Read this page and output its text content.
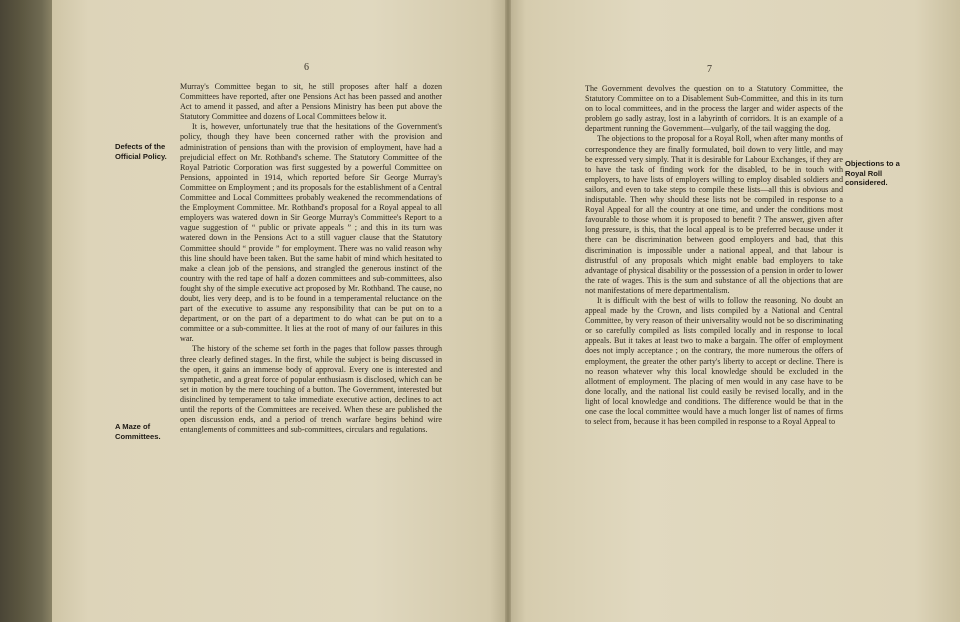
6	7
Defects of the Official Policy.
A Maze of Committees.
Objections to a Royal Roll considered.

Murray's Committee began to sit, he still proposes after half a dozen Committees have reported, after one Pensions Act has been passed and another Act to amend it passed, and after a Pensions Ministry has been put above the Statutory Committee and dozens of Local Committees below it.

It is, however, unfortunately true that the hesitations of the Government's policy, though they have been concerned rather with the provision and administration of pensions than with the provision of employment, have had a prejudicial effect on Mr. Rothband's scheme. The Statutory Committee of the Royal Patriotic Corporation was first suggested by a powerful Committee on Pensions, appointed in 1914, which reported before Sir George Murray's Committee on Employment ; and its proposals for the establishment of a Central Committee and Local Committees probably weakened the recommendations of the Employment Committee. Mr. Rothband's proposal for a Royal appeal to all employers was watered down in Sir George Murray's Committee's Report to a vague suggestion of “ public or private appeals ” ; and this in its turn was watered down in the Pensions Act to a still vaguer clause that the Statutory Committee should “ provide ” for employment. There was no valid reason why this line should have been taken. But the same habit of mind which hesitated to make a clean job of the pensions, and strangled the generous instinct of the country with the red tape of half a dozen committees and sub-committees, also fought shy of the simple executive act proposed by Mr. Rothband. The cause, no doubt, lies very deep, and is to be found in a temperamental reluctance on the part of the executive to assume any responsibility that can be put on to a department, or on the part of a department to do what can be put on to a committee or a sub-committee. It lies at the root of many of our failures in this war.

The history of the scheme set forth in the pages that follow passes through three clearly defined stages. In the first, while the subject is being discussed in the open, it gains an immense body of approval. Every one is interested and sympathetic, and a great force of popular enthusiasm is disclosed, which can be set in motion by the mere touching of a button. The Government, interested but disinclined by temperament to take immediate executive action, declines to act until the reports of the Committees are received. When these are published the open discussion ends, and a period of trench warfare begins behind wire entanglements of committees and sub-committees, circulars and regulations.

The Government devolves the question on to a Statutory Committee, the Statutory Committee on to a Disablement Sub-Committee, and this in its turn on to local committees, and in the process the larger and wider aspects of the problem go sadly astray, lost in a labyrinth of corridors. It is an example of a department running the Government—vulgarly, of the tail wagging the dog.

The objections to the proposal for a Royal Roll, when after many months of correspondence they are finally formulated, boil down to very little, and may be expressed very simply. That it is desirable for Labour Exchanges, if they are to have the task of finding work for the disabled, to be in touch with employers, to have lists of employers willing to employ disabled soldiers and sailors, and even to take steps to compile these lists—all this is obvious and indisputable. Then why should these lists not be compiled in response to a Royal Appeal for all the country at one time, and under the conditions most favourable to those whom it is proposed to benefit ? The answer, given after long pressure, is this, that the local appeal is to be preferred because under it there can be discrimination between good employers and bad, that this discrimination is impossible under a national appeal, and that labour is distrustful of any proposals which might enable bad employers to take advantage of physical disability or the possession of a pension in order to lower the rate of wages. This is the sum and substance of all the objections that are not manifestations of mere departmentalism.

It is difficult with the best of wills to follow the reasoning. No doubt an appeal made by the Crown, and lists compiled by a National and Central Committee, by very reason of their universality would not be so discriminating or so carefully compiled as lists compiled locally and in response to local appeals. But it takes at least two to make a bargain. The offer of employment does not imply acceptance ; on the contrary, the more numerous the offers of employment, the greater the other party's liberty to accept or decline. There is no reason whatever why this local knowledge should be excluded in the allotment of employment. The placing of men would in any case have to be done locally, and the national list could easily be revised locally, and in the light of local knowledge and conditions. The difference would be that in the one case the local committee would have a much longer list of names of firms to select from, because it has been compiled in response to a Royal Appeal to
